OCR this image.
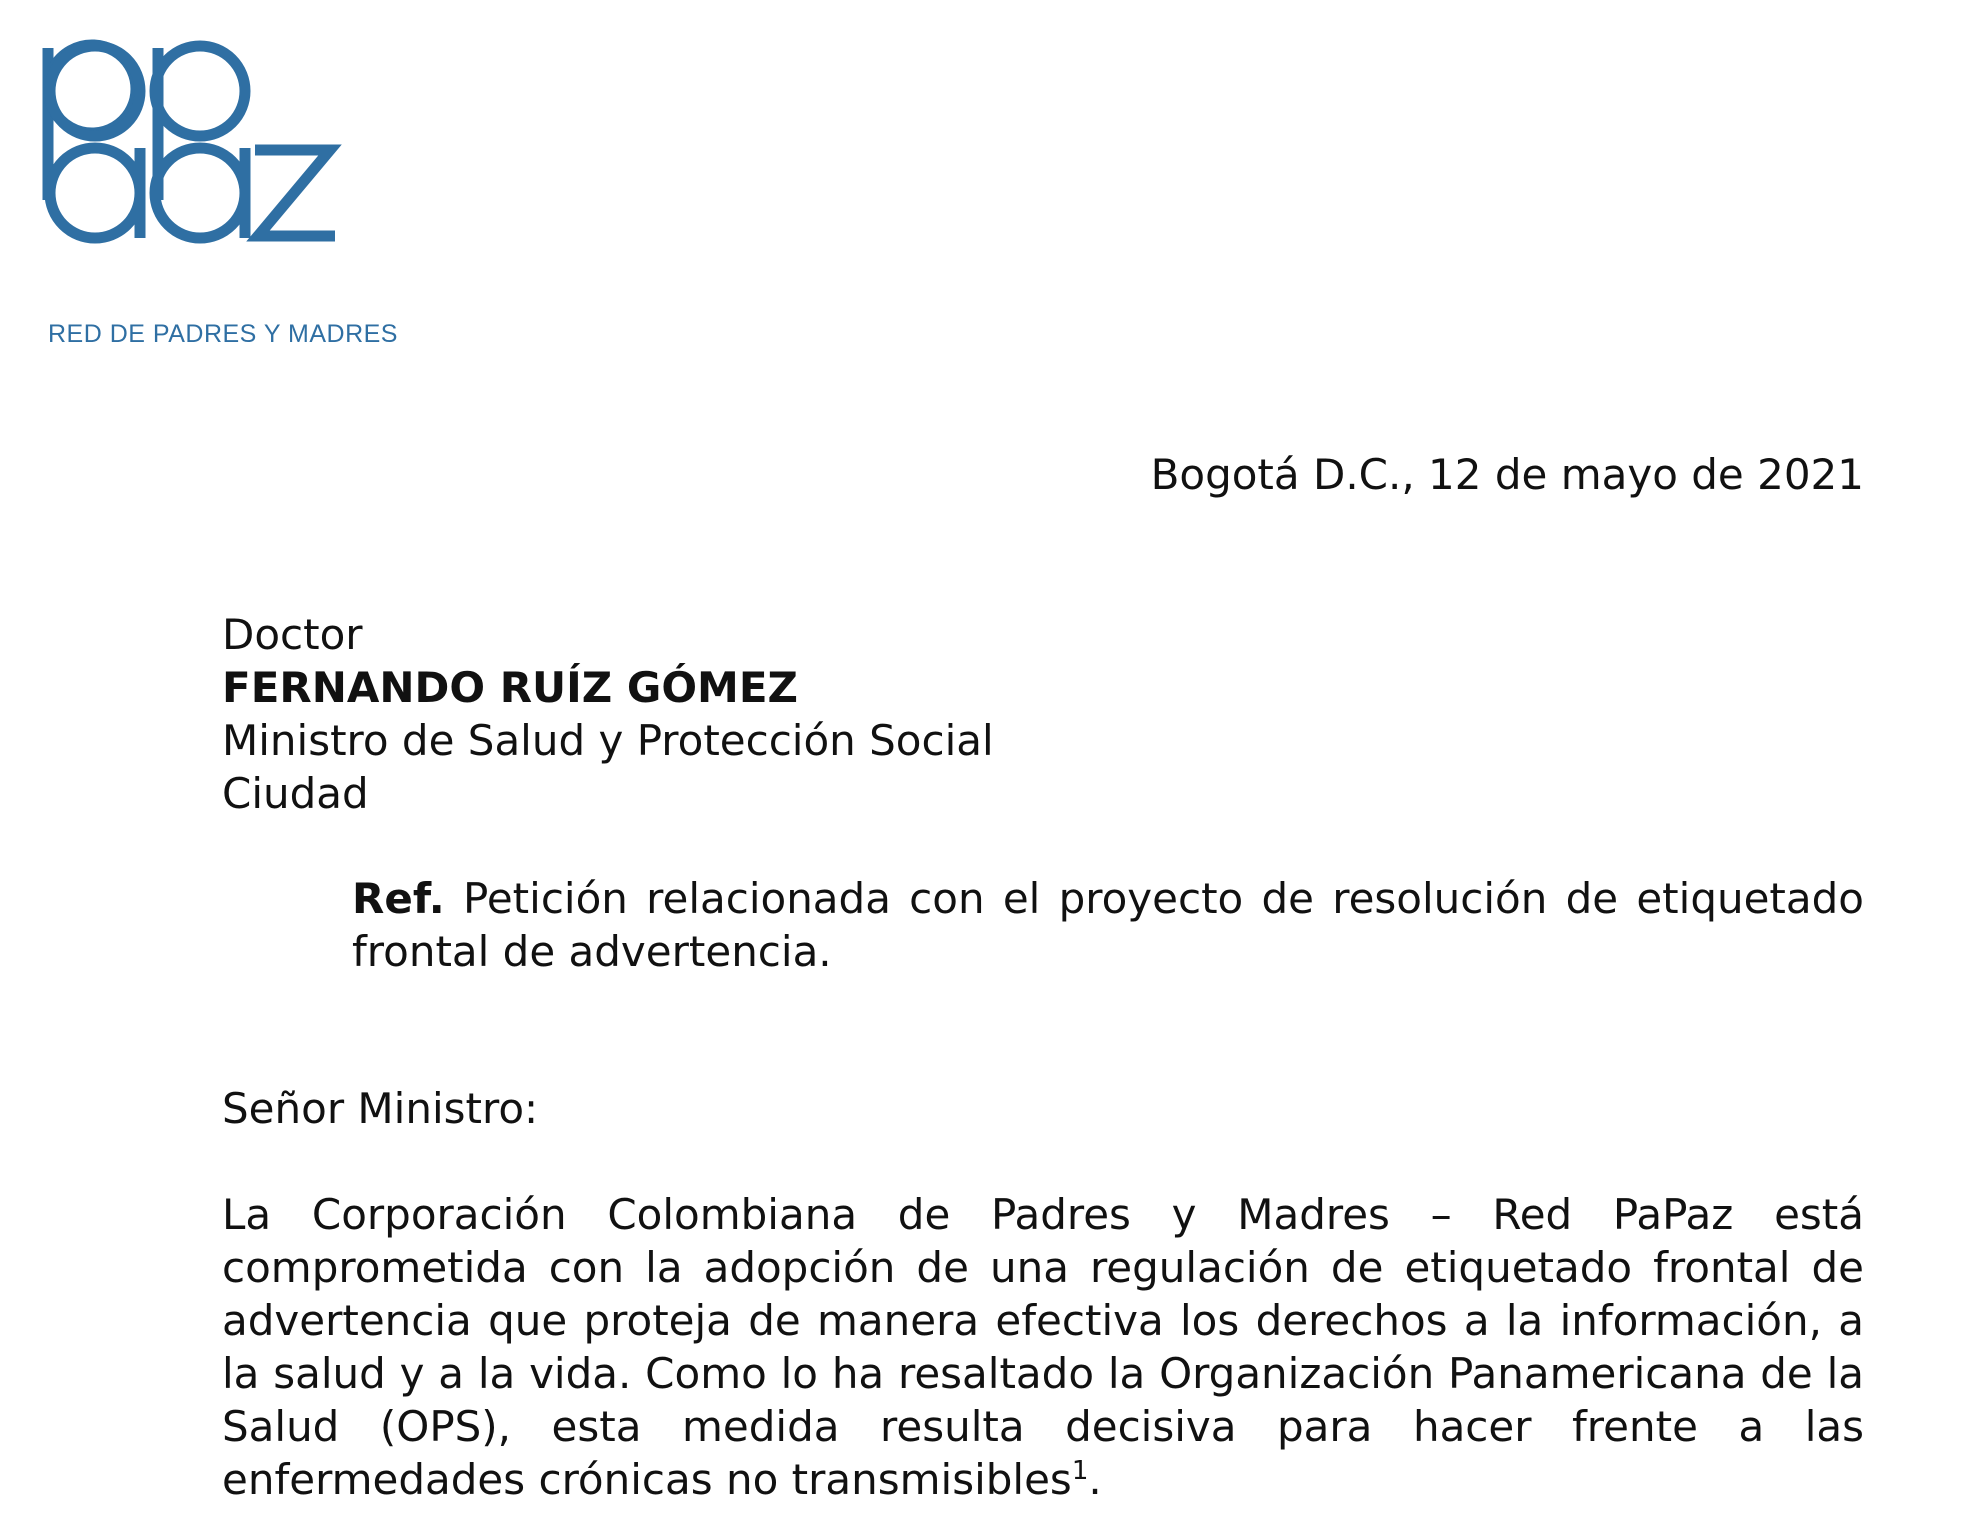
RED DE PADRES Y MADRES
Bogotá D.C., 12 de mayo de 2021
Doctor
FERNANDO RUÍZ GÓMEZ
Ministro de Salud y Protección Social
Ciudad
Ref. Petición relacionada con el proyecto de resolución de etiquetado frontal de advertencia.
Señor Ministro:
La Corporación Colombiana de Padres y Madres – Red PaPaz está comprometida con la adopción de una regulación de etiquetado frontal de advertencia que proteja de manera efectiva los derechos a la información, a la salud y a la vida. Como lo ha resaltado la Organización Panamericana de la Salud (OPS), esta medida resulta decisiva para hacer frente a las enfermedades crónicas no transmisibles$^1$.
